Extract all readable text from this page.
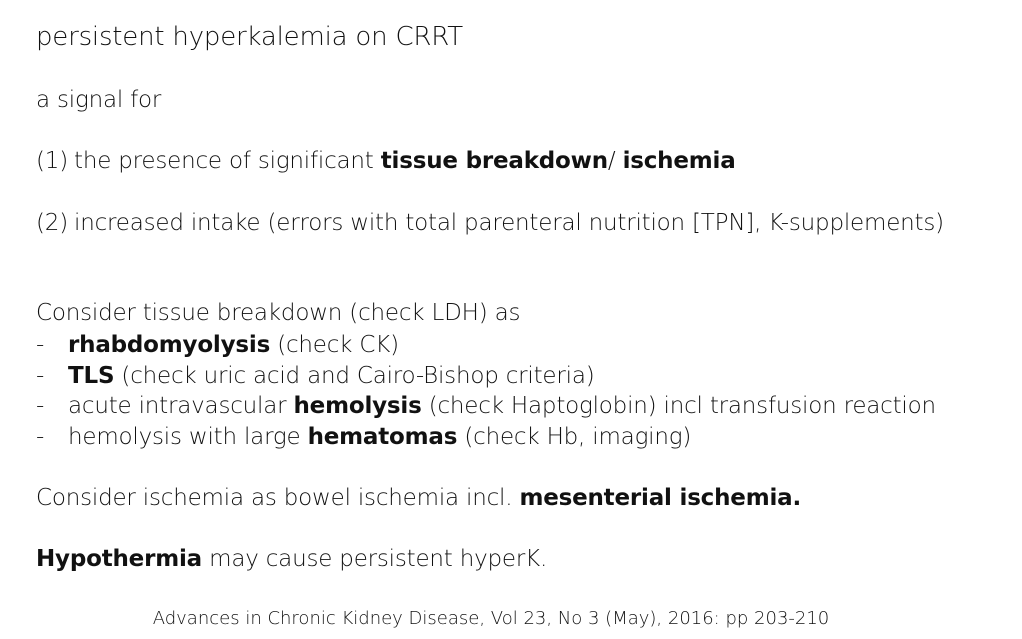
persistent hyperkalemia on CRRT
a signal for
(1) the presence of significant tissue breakdown/ ischemia
(2) increased intake (errors with total parenteral nutrition [TPN], K-supplements)
Consider tissue breakdown (check LDH) as
- rhabdomyolysis (check CK)
- TLS (check uric acid and Cairo-Bishop criteria)
- acute intravascular hemolysis (check Haptoglobin) incl transfusion reaction
- hemolysis with large hematomas (check Hb, imaging)
Consider ischemia as bowel ischemia incl. mesenterial ischemia.
Hypothermia may cause persistent hyperK.
Advances in Chronic Kidney Disease, Vol 23, No 3 (May), 2016: pp 203-210
